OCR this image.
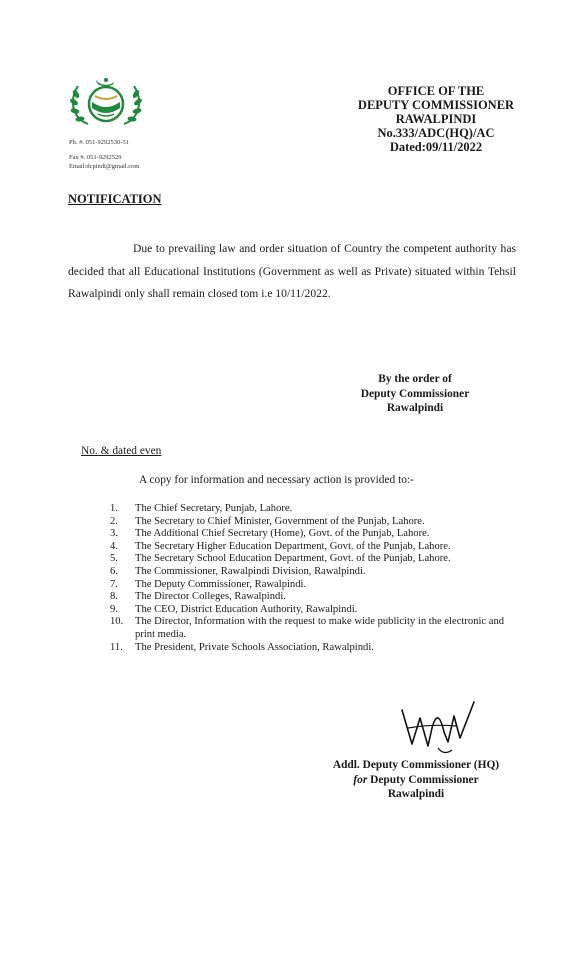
Ph. #. 051-9292530-31
Fax #. 051-9292529
Email:dcpindi@gmail.com
OFFICE OF THE
DEPUTY COMMISSIONER
RAWALPINDI
No.333/ADC(HQ)/AC
Dated:09/11/2022
NOTIFICATION
Due to prevailing law and order situation of Country the competent authority has decided that all Educational Institutions (Government as well as Private) situated within Tehsil Rawalpindi only shall remain closed tom i.e 10/11/2022.
By the order of
Deputy Commissioner
Rawalpindi
No. & dated even
A copy for information and necessary action is provided to:-
1.	The Chief Secretary, Punjab, Lahore.
2.	The Secretary to Chief Minister, Government of the Punjab, Lahore.
3.	The Additional Chief Secretary (Home), Govt. of the Punjab, Lahore.
4.	The Secretary Higher Education Department, Govt. of the Punjab, Lahore.
5.	The Secretary School Education Department, Govt. of the Punjab, Lahore.
6.	The Commissioner, Rawalpindi Division, Rawalpindi.
7.	The Deputy Commissioner, Rawalpindi.
8.	The Director Colleges, Rawalpindi.
9.	The CEO, District Education Authority, Rawalpindi.
10.	The Director, Information with the request to make wide publicity in the electronic and print media.
11.	The President, Private Schools Association, Rawalpindi.
Addl. Deputy Commissioner (HQ)
for Deputy Commissioner
Rawalpindi
